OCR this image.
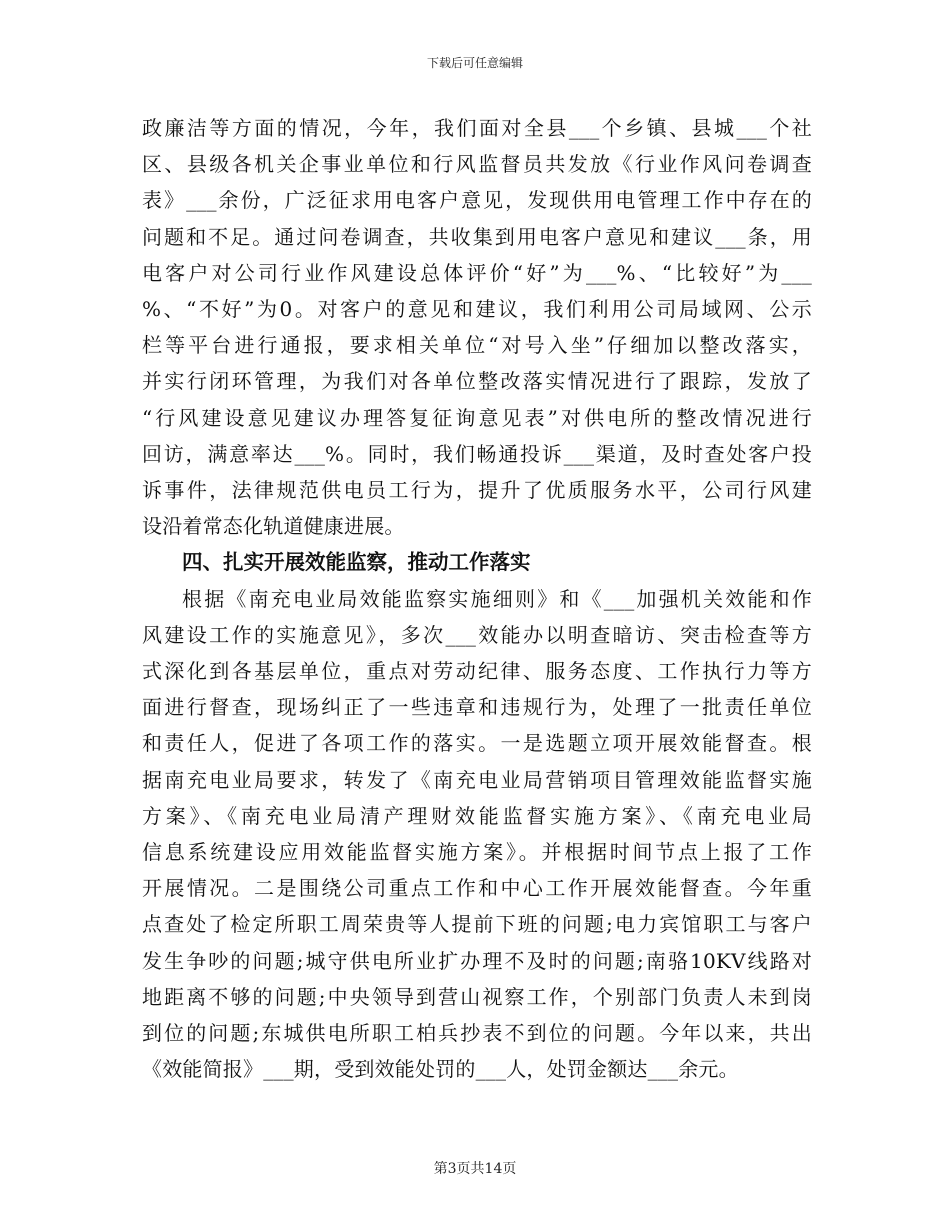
下载后可任意编辑
政廉洁等方面的情况，今年，我们面对全县___个乡镇、县城___个社
区、县级各机关企事业单位和行风监督员共发放《行业作风问卷调查
表》___余份，广泛征求用电客户意见，发现供用电管理工作中存在的
问题和不足。通过问卷调查，共收集到用电客户意见和建议___条，用
电客户对公司行业作风建设总体评价“好”为___%、“比较好”为___
%、“不好”为0。对客户的意见和建议，我们利用公司局域网、公示
栏等平台进行通报，要求相关单位“对号入坐”仔细加以整改落实，
并实行闭环管理，为我们对各单位整改落实情况进行了跟踪，发放了
“行风建设意见建议办理答复征询意见表”对供电所的整改情况进行
回访，满意率达___%。同时，我们畅通投诉___渠道，及时查处客户投
诉事件，法律规范供电员工行为，提升了优质服务水平，公司行风建
设沿着常态化轨道健康进展。
四、扎实开展效能监察，推动工作落实
根据《南充电业局效能监察实施细则》和《___加强机关效能和作
风建设工作的实施意见》，多次___效能办以明查暗访、突击检查等方
式深化到各基层单位，重点对劳动纪律、服务态度、工作执行力等方
面进行督查，现场纠正了一些违章和违规行为，处理了一批责任单位
和责任人，促进了各项工作的落实。一是选题立项开展效能督查。根
据南充电业局要求，转发了《南充电业局营销项目管理效能监督实施
方案》、《南充电业局清产理财效能监督实施方案》、《南充电业局
信息系统建设应用效能监督实施方案》。并根据时间节点上报了工作
开展情况。二是围绕公司重点工作和中心工作开展效能督查。今年重
点查处了检定所职工周荣贵等人提前下班的问题;电力宾馆职工与客户
发生争吵的问题;城守供电所业扩办理不及时的问题;南骆10KV线路对
地距离不够的问题;中央领导到营山视察工作，个别部门负责人未到岗
到位的问题;东城供电所职工柏兵抄表不到位的问题。今年以来，共出
《效能简报》___期，受到效能处罚的___人，处罚金额达___余元。
第3页共14页
